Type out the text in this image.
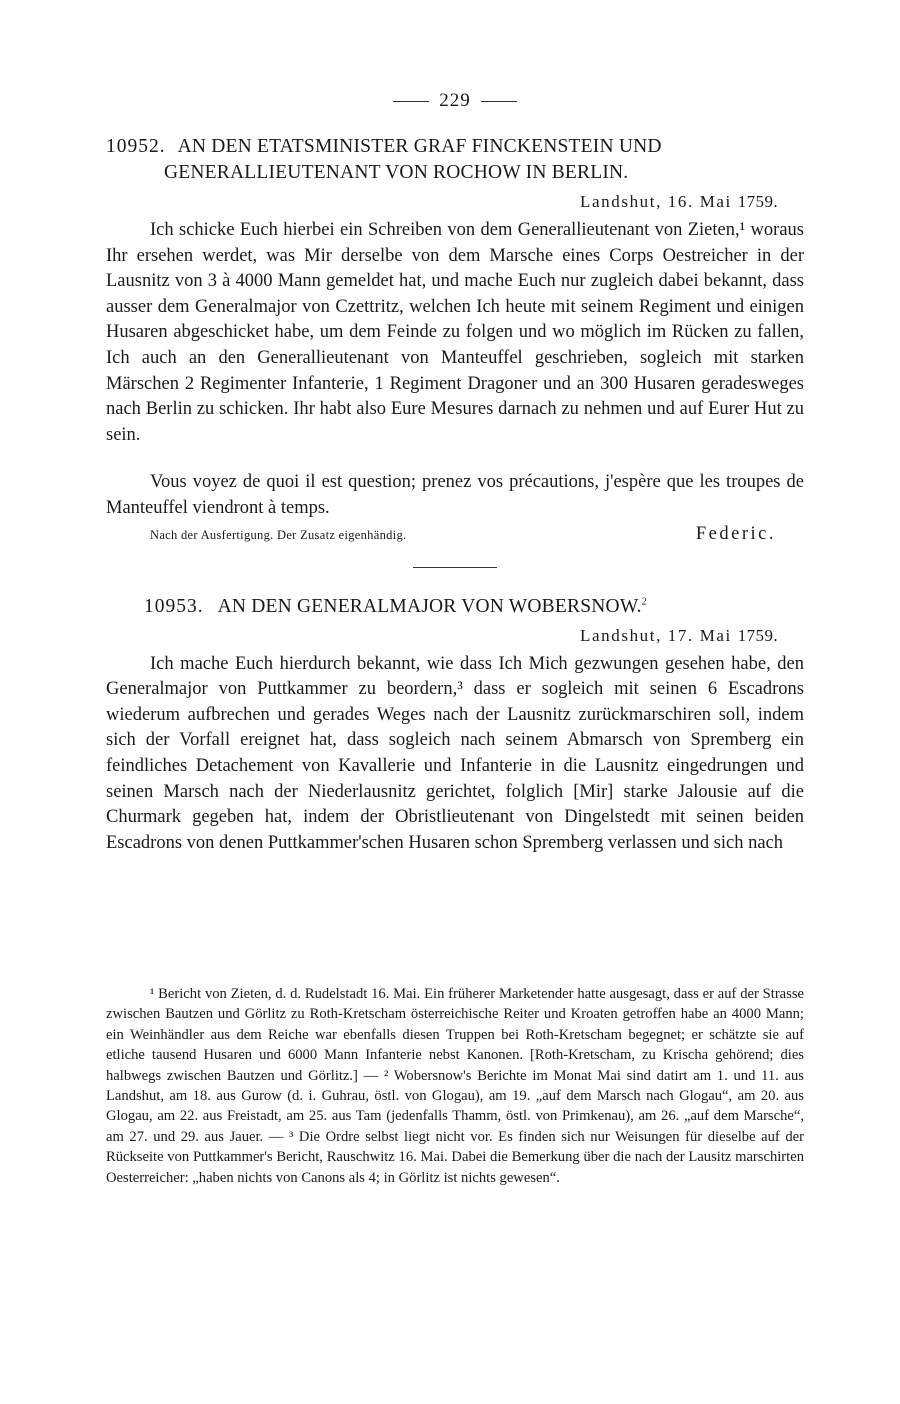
229
10952. AN DEN ETATSMINISTER GRAF FINCKENSTEIN UND
GENERALLIEUTENANT VON ROCHOW IN BERLIN.
Landshut, 16. Mai 1759.

Ich schicke Euch hierbei ein Schreiben von dem Generallieutenant von Zieten,¹ woraus Ihr ersehen werdet, was Mir derselbe von dem Marsche eines Corps Oestreicher in der Lausnitz von 3 à 4000 Mann gemeldet hat, und mache Euch nur zugleich dabei bekannt, dass ausser dem Generalmajor von Czettritz, welchen Ich heute mit seinem Regiment und einigen Husaren abgeschicket habe, um dem Feinde zu folgen und wo möglich im Rücken zu fallen, Ich auch an den Generallieutenant von Manteuffel geschrieben, sogleich mit starken Märschen 2 Regimenter Infanterie, 1 Regiment Dragoner und an 300 Husaren geradesweges nach Berlin zu schicken. Ihr habt also Eure Mesures darnach zu nehmen und auf Eurer Hut zu sein.

Vous voyez de quoi il est question; prenez vos précautions, j'espère que les troupes de Manteuffel viendront à temps.

Nach der Ausfertigung. Der Zusatz eigenhändig.	Federic.
10953. AN DEN GENERALMAJOR VON WOBERSNOW.$^2$
Landshut, 17. Mai 1759.

Ich mache Euch hierdurch bekannt, wie dass Ich Mich gezwungen gesehen habe, den Generalmajor von Puttkammer zu beordern,³ dass er sogleich mit seinen 6 Escadrons wiederum aufbrechen und gerades Weges nach der Lausnitz zurückmarschiren soll, indem sich der Vorfall ereignet hat, dass sogleich nach seinem Abmarsch von Spremberg ein feindliches Detachement von Kavallerie und Infanterie in die Lausnitz eingedrungen und seinen Marsch nach der Niederlausnitz gerichtet, folglich [Mir] starke Jalousie auf die Churmark gegeben hat, indem der Obristlieutenant von Dingelstedt mit seinen beiden Escadrons von denen Puttkammer'schen Husaren schon Spremberg verlassen und sich nach

¹ Bericht von Zieten, d. d. Rudelstadt 16. Mai. Ein früherer Marketender hatte ausgesagt, dass er auf der Strasse zwischen Bautzen und Görlitz zu Roth-Kretscham österreichische Reiter und Kroaten getroffen habe an 4000 Mann; ein Weinhändler aus dem Reiche war ebenfalls diesen Truppen bei Roth-Kretscham begegnet; er schätzte sie auf etliche tausend Husaren und 6000 Mann Infanterie nebst Kanonen. [Roth-Kretscham, zu Krischa gehörend; dies halbwegs zwischen Bautzen und Görlitz.] — ² Wobersnow's Berichte im Monat Mai sind datirt am 1. und 11. aus Landshut, am 18. aus Gurow (d. i. Guhrau, östl. von Glogau), am 19. „auf dem Marsch nach Glogau“, am 20. aus Glogau, am 22. aus Freistadt, am 25. aus Tam (jedenfalls Thamm, östl. von Primkenau), am 26. „auf dem Marsche“, am 27. und 29. aus Jauer. — ³ Die Ordre selbst liegt nicht vor. Es finden sich nur Weisungen für dieselbe auf der Rückseite von Puttkammer's Bericht, Rauschwitz 16. Mai. Dabei die Bemerkung über die nach der Lausitz marschirten Oesterreicher: „haben nichts von Canons als 4; in Görlitz ist nichts gewesen“.
